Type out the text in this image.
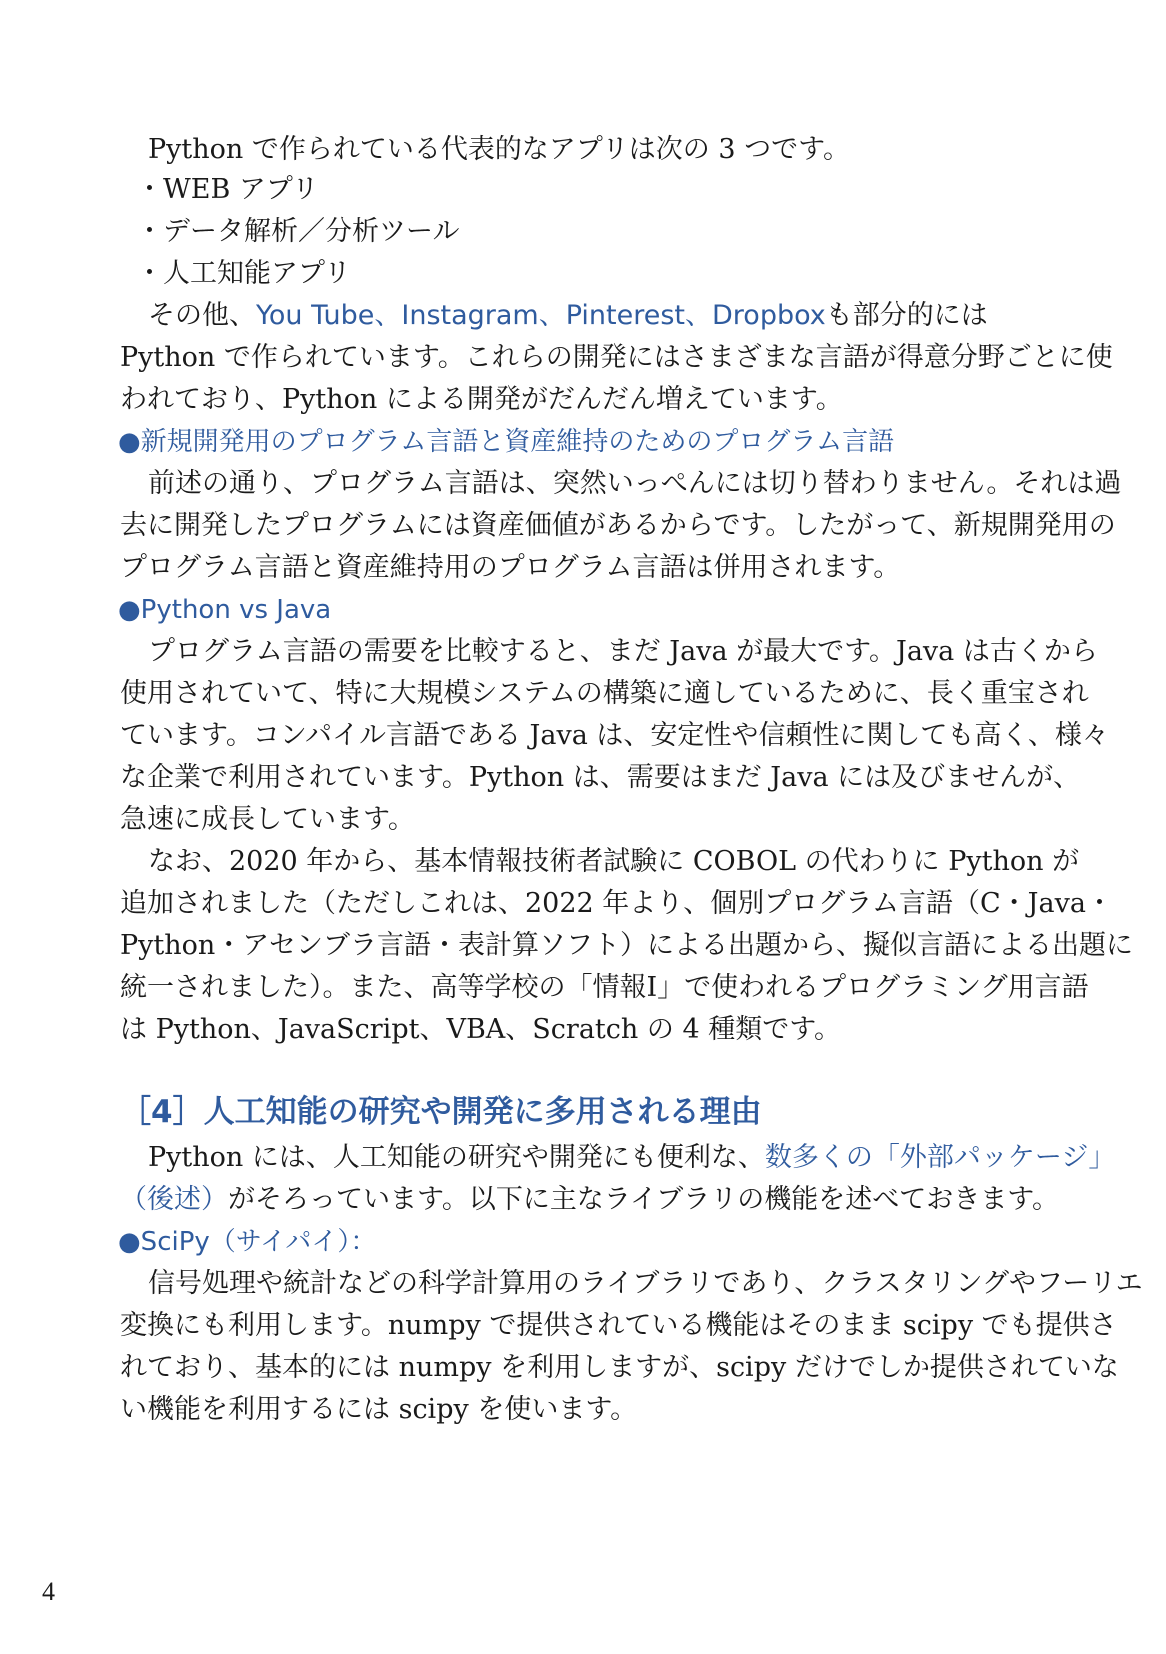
Python で作られている代表的なアプリは次の 3 つです。

・WEB アプリ

・データ解析／分析ツール

・人工知能アプリ

その他、You Tube、Instagram、Pinterest、Dropboxも部分的には

Python で作られています。これらの開発にはさまざまな言語が得意分野ごとに使

われており、Python による開発がだんだん増えています。

●新規開発用のプログラム言語と資産維持のためのプログラム言語

前述の通り、プログラム言語は、突然いっぺんには切り替わりません。それは過

去に開発したプログラムには資産価値があるからです。したがって、新規開発用の

プログラム言語と資産維持用のプログラム言語は併用されます。

●Python vs Java

プログラム言語の需要を比較すると、まだ Java が最大です。Java は古くから

使用されていて、特に大規模システムの構築に適しているために、長く重宝され

ています。コンパイル言語である Java は、安定性や信頼性に関しても高く、様々

な企業で利用されています。Python は、需要はまだ Java には及びませんが、

急速に成長しています。

なお、2020 年から、基本情報技術者試験に COBOL の代わりに Python が

追加されました（ただしこれは、2022 年より、個別プログラム言語（C・Java・

Python・アセンブラ言語・表計算ソフト）による出題から、擬似言語による出題に

統一されました）。また、高等学校の「情報I」で使われるプログラミング用言語

は Python、JavaScript、VBA、Scratch の 4 種類です。

［4］人工知能の研究や開発に多用される理由

Python には、人工知能の研究や開発にも便利な、数多くの「外部パッケージ」

（後述）がそろっています。以下に主なライブラリの機能を述べておきます。

●SciPy（サイパイ）：

信号処理や統計などの科学計算用のライブラリであり、クラスタリングやフーリエ

変換にも利用します。numpy で提供されている機能はそのまま scipy でも提供さ

れており、基本的には numpy を利用しますが、scipy だけでしか提供されていな

い機能を利用するには scipy を使います。

4
